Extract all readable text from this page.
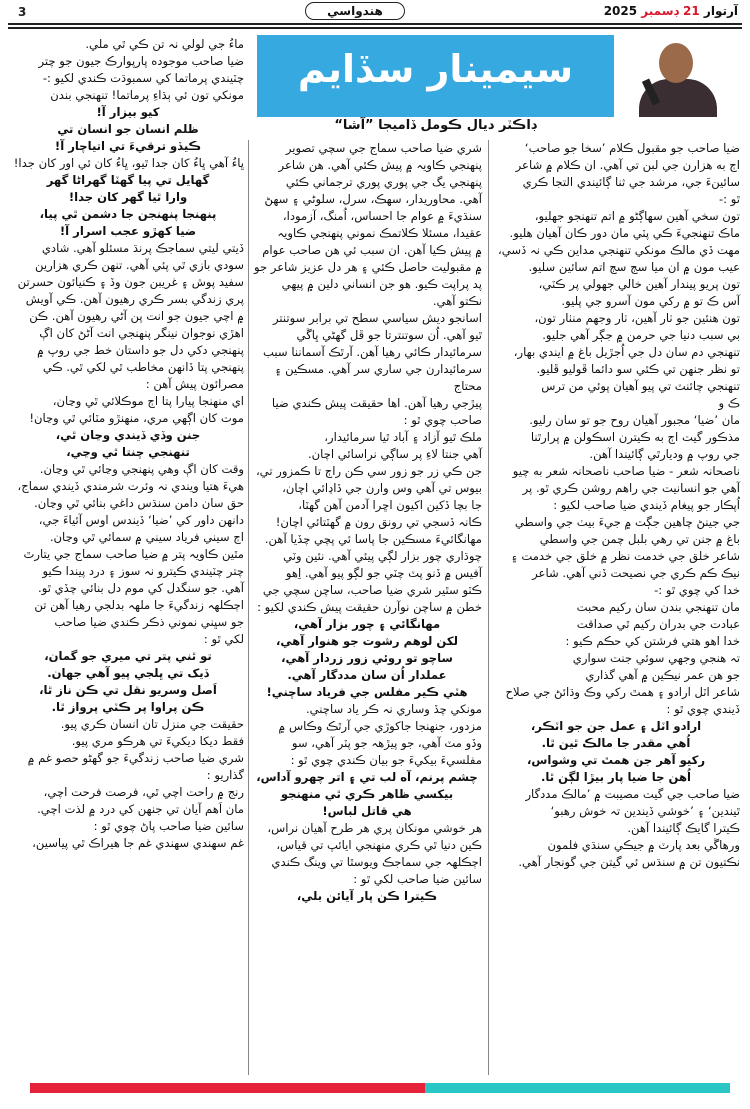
3	هندواسي	آرتوار 21 ڊسمبر 2025
سيمينار سڏايم
ڊاڪٽر ديال ڪومل ڏاميجا ”آشا“

ضيا صاحب جو مقبول ڪلام ’سخا جو صاحب‘

اڄ به هزارن جي لبن تي آهي. ان ڪلام ۾ شاعر

سائينءَ جي، مرشد جي ثنا ڳائيندي التجا ڪري

ٿو :-

تون سخي آهين سهاڳڻو ۾ اتم تنهنجو جهليو،

ماڪ تنهنجيءَ ڪي پٽي مان دور ڪان آهيان هليو.

مهت ڏي مالڪ مونکي تنهنجي مداين ڪي نہ ڏسي،

عيب مون ۾ ان ميا سڄ سڄ اتم سائين سليو.

تون پريو پيندار آهين خالي جهولي پر ڪٽي،

آس ڪ تو ۾ رکي مون آسرو جي پليو.

تون هنئين جو ٺار آهين، ٺار وجهم منٺار تون،

بي سبب دنيا جي حرمن ۾ جڳر آهي جليو.

تنهنجي دم سان دل جي اُجڙيل باغ ۾ ايندي بهار،

تو نظر جنهن تي ڪئي سو دائما ڦوليو ڦليو.

تنهنجي چائنٽ تي پيو آهيان پوئي من ترس

ڪ و

مان ’ضيا‘ مجبور آهيان روح جو تو سان رليو.

مذڪور گيت اڄ به ڪيترن اسڪولن ۾ پرارٿنا

جي روپ ۾ وديارٿي ڳائيندا آهن.

ناصحانہ شعر - ضيا صاحب ناصحانہ شعر به چيو

آهي جو انسانيت جي راهم روشن ڪري ٿو. پر

اُپڪار جو پيغام ڏيندي ضيا صاحب لکيو :

جي جينڻ چاهين جڳت ۾ جيءَ بيٺ جي واسطي

باغ ۾ جنن تي رهي بلبل چمن جي واسطي

شاعر خلق جي خدمت نظر ۾ خلق جي خدمت ۽

نيڪ ڪم ڪري جي نصيحت ڏني آهي. شاعر

خدا کي چوي ٿو :-

مان تنهنجي بندن سان رکيم محبت

عبادت جي بدران رکيم ٿي صداقت

خدا اهو هتي فرشتن کي حڪم ڪيو :

تہ هنجي وجهي سوئي جنت سواري

جو هن عمر نيڪين ۾ آهي گذاري

شاعر اٽل ارادو ۽ همٿ رکي وڪ وڌائڻ جي صلاح

ڏيندي چوي ٿو :

ارادو اٽل ۽ عمل جن جو اٽڪر،

اُهي مقدر جا مالڪ ٿين ٿا.

رکيو آهر جن همٿ تي وشواس،

اُهن جا ضيا پار بيڙا لڳن ٿا.

ضيا صاحب جي گيت مصيبت ۾ ’مالڪ مددگار

ٿيندين‘ ۽ ’خوشي ڏيندين تہ خوش رهبو‘

ڪيترا گايڪ ڳائيندا آهن.

ورهاڱي بعد پارٽ ۾ جيڪي سنڌي فلمون

نڪتيون تن ۾ سنڌس ئي گيتن جي گونجار آهي.

شري ضيا صاحب سماج جي سچي تصوير

پنهنجي ڪاويہ ۾ پيش ڪئي آهي. هن شاعر

پنهنجي يگ جي پوري پوري ترجماني ڪئي

آهي. محاوريدار، سهڪ، سرل، سلوڻي ۽ سهڻ

سنڌيءَ ۾ عوام جا احساس، اُمنگ، آزمودا،

عقيدا، مسئلا ڪلاتمڪ نموني پنهنجي ڪاويہ

۾ پيش ڪيا آهن. ان سبب ئي هن صاحب عوام

۾ مقبوليت حاصل ڪئي ۽ هر دل عزيز شاعر جو

پد پراپت ڪيو. هو جن انساني دلين ۾ پيهي

نڪتو آهي.

اسانجو ديش سياسي سطح تي برابر سوتنتر

ٿيو آهي. اُن سوتنترتا جو ڦل گهڻي ڀاڱي

سرمائيدار ڪائي رهيا آهن. آرٿڪ آسماننا سبب

سرمائيدارن جي ساري سر آهي. مسڪين ۽ محتاج

پيڙجي رهيا آهن. اها حقيقت پيش ڪندي ضيا

صاحب چوي ٿو :

ملڪ ٿيو آزاد ۽ آباد ٿيا سرمائيدار،

آهي جنتا لاءِ پر ساڳي نراسائي اچان.

جن ڪي زر جو زور سي ڪن راڄ تا ڪمزور تي،

بيوس تي آهي وس وارن جي ڏاڍائي اچان،

جا بچا ڏکين اکيون اڇرا آدمن آهن گهٽا،

ڪانہ ڏسجي تي رونق رون ۾ گهٽتائي اچان!

مهانگائيءَ مسڪين جا پاسا ئي پچي چڏيا آهن.

چوڌاري چور بزار لڳي پيئي آهي. نئين وٽي

آفيس ۾ ڏنو پٽ چٽي جو لڳو پيو آهي. اِهو

ڪٽو سٿير شري ضيا صاحب، ساچن سچي جي

خطن ۾ ساچن نوآرن حقيقت پيش ڪندي لکيو :

مهانگائي ۽ چور بزار آهي،

لکن لوهم رشوت جو هنوار آهي،

ساچو تو روئي زور زردار آهي،

عملدار اُن سان مددگار آهي.

هٽي ڪير مفلس جي فرياد ساچني!

مونکي چڏ وساري نہ ڪر ياد ساچني.

مزدور، جنهنجا جاکوڙي جي آرٿڪ وڪاس ۾

وڏو مٽ آهي، جو پيڙهہ جو پٽر آهي، سو

مفلسيءَ بيکيءَ جو بيان ڪندي چوي ٿو :

چشم پرنم، آه لب تي ۽ اتر چهرو آداس،

بيکسي ظاهر ڪري ٿي منهنجو

هي قاتل لباس!

هر خوشي مونکان پري هر طرح آهيان نراس،

ڪين دنيا ٿي ڪري منهنجي ايائپ تي قياس،

اڄڪلهہ جي سماجڪ ويوسٿا تي وينگ ڪندي

سائين ضيا صاحب لکي ٿو :

ڪيترا ڪن پار آيائن بلي،

ماءُ جي لولي نہ تن ڪي ٿي ملي.

ضيا صاحب موجوده پارپوارڪ جيون جو چتر

چٽيندي پرماتما کي سمبوڌت ڪندي لکيو :-

مونکي تون ئي ٻڌاءِ پرماتما! تنهنجي بندن

کيو بيزار آ!

ظلم انسان جو انسان تي

ڪيڏو ترقيءَ تي اتياچار آ!

ڀاءُ آهي ڀاءُ کان جدا ٿيو، ڀاءُ کان ئي اور کان جدا!

گهايل تي پيا گهٽا گهراڻا گهر

وارا ٿيا گهر کان جدا!

پنهنجا پنهنجن جا دشمن ٿي پيا،

ضيا کهڙو عجب اسرار آ!

ڏيتي ليتي سماجڪ پرنڌ مسئلو آهي. شادي

سودي بازي ٿي پئي آهي. تنهن ڪري هزارين

سفيد پوش ۽ غريبن جون وڏ ۽ ڪنيائون حسرتن

پري زندگي بسر ڪري رهيون آهن. ڪي آويش

۾ اچي جيون جو انت پن آڻي رهيون آهن. ڪن

اهڙي نوجوان نينگر پنهنجي انت آڻڻ کان اڳ

پنهنجي دکي دل جو داستان خط جي روپ ۾

پنهنجي پتا ڏانهن مخاطب ٿي لکي ٿي. ڪي

مصرائون پيش آهن :

اي منهنجا پيارا پتا اڄ موڪلائي ٿي وڃان،

موت کان اڳهي مري، منهنڙو مٽائي ٿي وڃان!

جنن وڏي ڏيندي وڃان ٿي،

تنهنجي چنتا ٿي وڃي،

وقت کان اڳ وهي پنهنجي وڃائي ٿي وڃان.

هيءَ هتيا ويندي نہ وئرت شرمندي ڏيندي سماج،

حق سان دامن سنڌس داغي بنائي ٿي وڃان.

دانهن داور کي ’ضيا‘ ڏيندس اوس آئياءَ جي،

اڄ سيني فرياد سيني ۾ سمائي ٿي وڃان.

مٿين ڪاويہ پتر ۾ ضيا صاحب سماج جي يتارٿ

چتر چٽيندي ڪيترو نہ سوز ۽ درد پيندا ڪيو

آهي. جو سنگدل کي موم دل بنائي چڏي ٿو.

اڄڪلهہ زندگيءَ جا ملهہ بدلجي رهيا آهن تن

جو سڀني نموني ذڪر ڪندي ضيا صاحب

لکي ٿو :

تو ٿني پتر تي ميري جو گمان،

ڏيک تي ڀلجي پيو آهي جهان.

اَصل وسريو نقل تي ڪن ناز ٿا،

ڪن پراوا پر ڪٽي پرواز ٿا.

حقيقت جي منزل تان انسان ڪري پيو.

فقط ديکا ديکيءَ تي هرڪو مري پيو.

شري ضيا صاحب زندگيءَ جو گهڻو حصو غم ۾

گذاريو :

رنج ۾ راحت اچي ٿي، فرصت فرحت اچي،

مان اَهم آيان تي جنهن کي درد ۾ لذت اچي.

سائين ضيا صاحب پاڻ چوي ٿو :

غم سهندي سهندي غم جا هيراڪ ٿي پياسين،
